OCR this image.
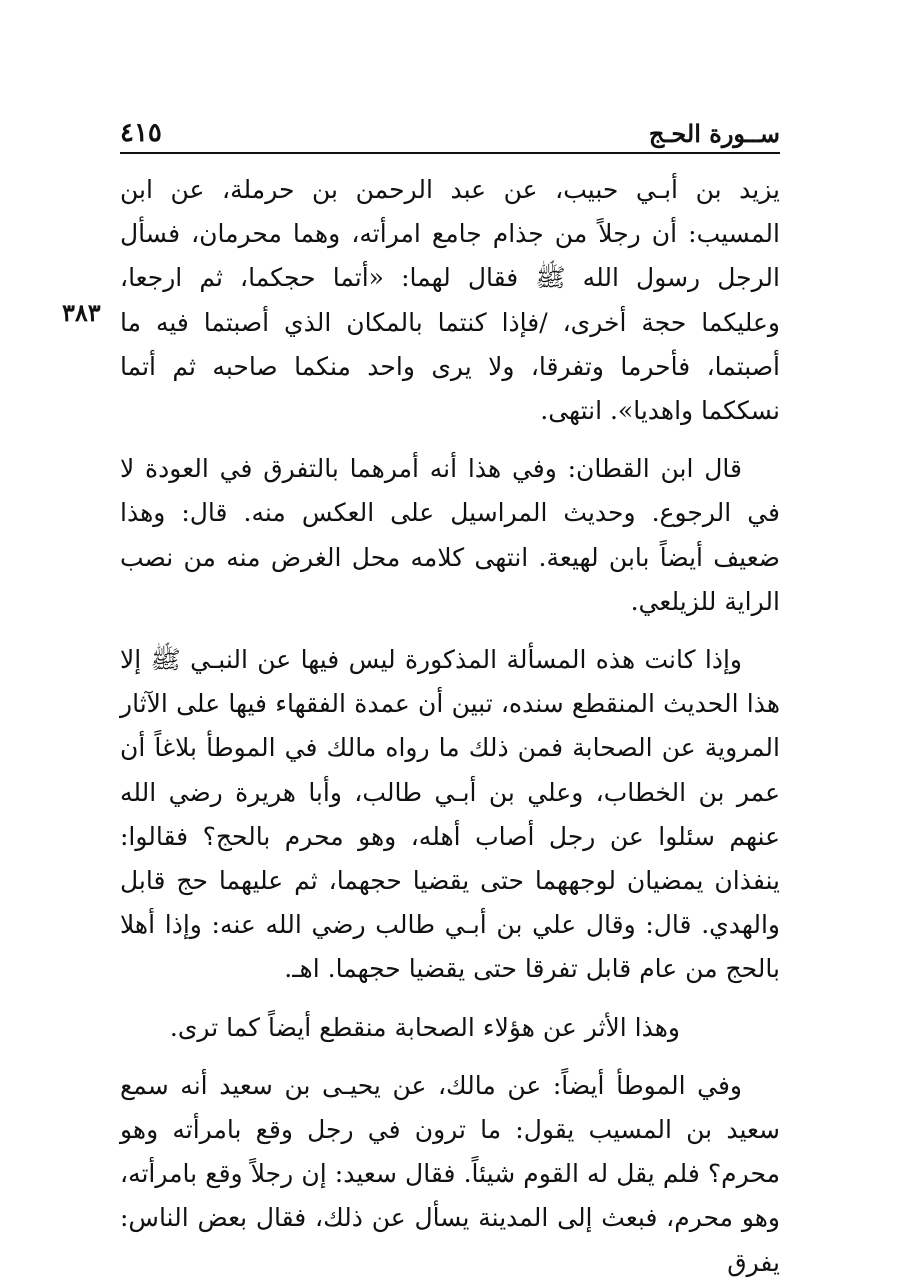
ســورة الحـج
٤١٥
٣٨٣

يزيد بن أبـي حبيب، عن عبد الرحمن بن حرملة، عن ابن المسيب: أن رجلاً من جذام جامع امرأته، وهما محرمان، فسأل الرجل رسول الله ﷺ فقال لهما: «أتما حجكما، ثم ارجعا، وعليكما حجة أخرى، /فإذا كنتما بالمكان الذي أصبتما فيه ما أصبتما، فأحرما وتفرقا، ولا يرى واحد منكما صاحبه ثم أتما نسككما واهديا». انتهى.

قال ابن القطان: وفي هذا أنه أمرهما بالتفرق في العودة لا في الرجوع. وحديث المراسيل على العكس منه. قال: وهذا ضعيف أيضاً بابن لهيعة. انتهى كلامه محل الغرض منه من نصب الراية للزيلعي.

وإذا كانت هذه المسألة المذكورة ليس فيها عن النبـي ﷺ إلا هذا الحديث المنقطع سنده، تبين أن عمدة الفقهاء فيها على الآثار المروية عن الصحابة فمن ذلك ما رواه مالك في الموطأ بلاغاً أن عمر بن الخطاب، وعلي بن أبـي طالب، وأبا هريرة رضي الله عنهم سئلوا عن رجل أصاب أهله، وهو محرم بالحج؟ فقالوا: ينفذان يمضيان لوجههما حتى يقضيا حجهما، ثم عليهما حج قابل والهدي. قال: وقال علي بن أبـي طالب رضي الله عنه: وإذا أهلا بالحج من عام قابل تفرقا حتى يقضيا حجهما. اهـ.

وهذا الأثر عن هؤلاء الصحابة منقطع أيضاً كما ترى.

وفي الموطأ أيضاً: عن مالك، عن يحيـى بن سعيد أنه سمع سعيد بن المسيب يقول: ما ترون في رجل وقع بامرأته وهو محرم؟ فلم يقل له القوم شيئاً. فقال سعيد: إن رجلاً وقع بامرأته، وهو محرم، فبعث إلى المدينة يسأل عن ذلك، فقال بعض الناس: يفرق
